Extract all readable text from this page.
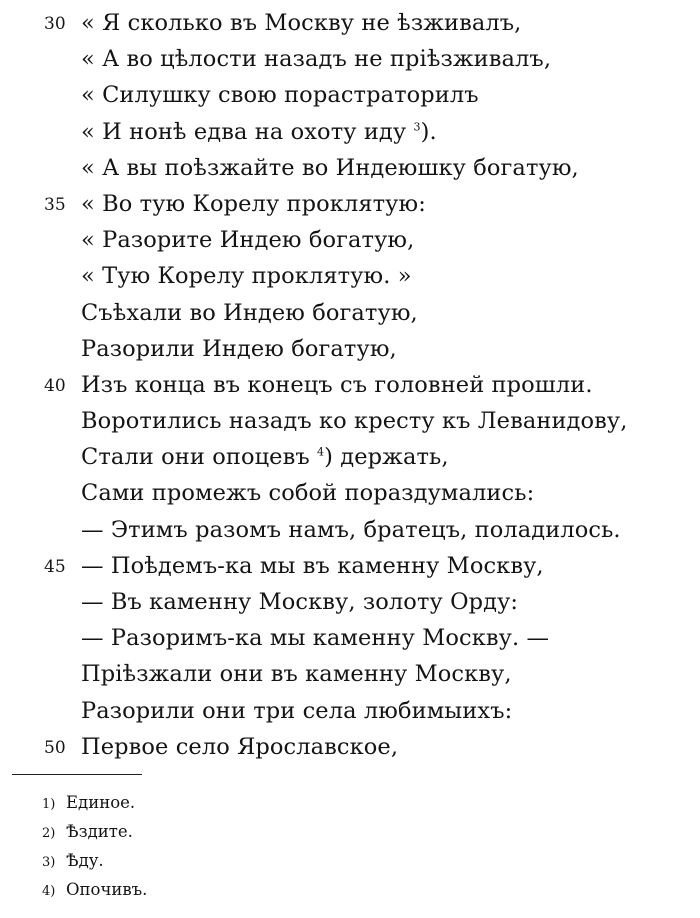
30 « Я сколько въ Москву не ѣзживалъ,
« А во цѣлости назадъ не пріѣзживалъ,
« Силушку свою порастраторилъ
« И нонѣ едва на охоту иду $^3$).
« А вы поѣзжайте во Индеюшку богатую,
35 « Во тую Корелу проклятую:
« Разорите Индею богатую,
« Тую Корелу проклятую. »
Съѣхали во Индею богатую,
Разорили Индею богатую,
40 Изъ конца въ конецъ съ головней прошли.
Воротились назадъ ко кресту къ Леванидову,
Стали они опоцевъ $^4$) держать,
Сами промежъ собой пораздумались:
— Этимъ разомъ намъ, братецъ, поладилось.
45 — Поѣдемъ-ка мы въ каменну Москву,
— Въ каменну Москву, золоту Орду:
— Разоримъ-ка мы каменну Москву. —
Пріѣзжали они въ каменну Москву,
Разорили они три села любимыихъ:
50 Первое село Ярославское,
1) Единое.
2) Ѣздите.
3) Ѣду.
4) Опочивъ.
